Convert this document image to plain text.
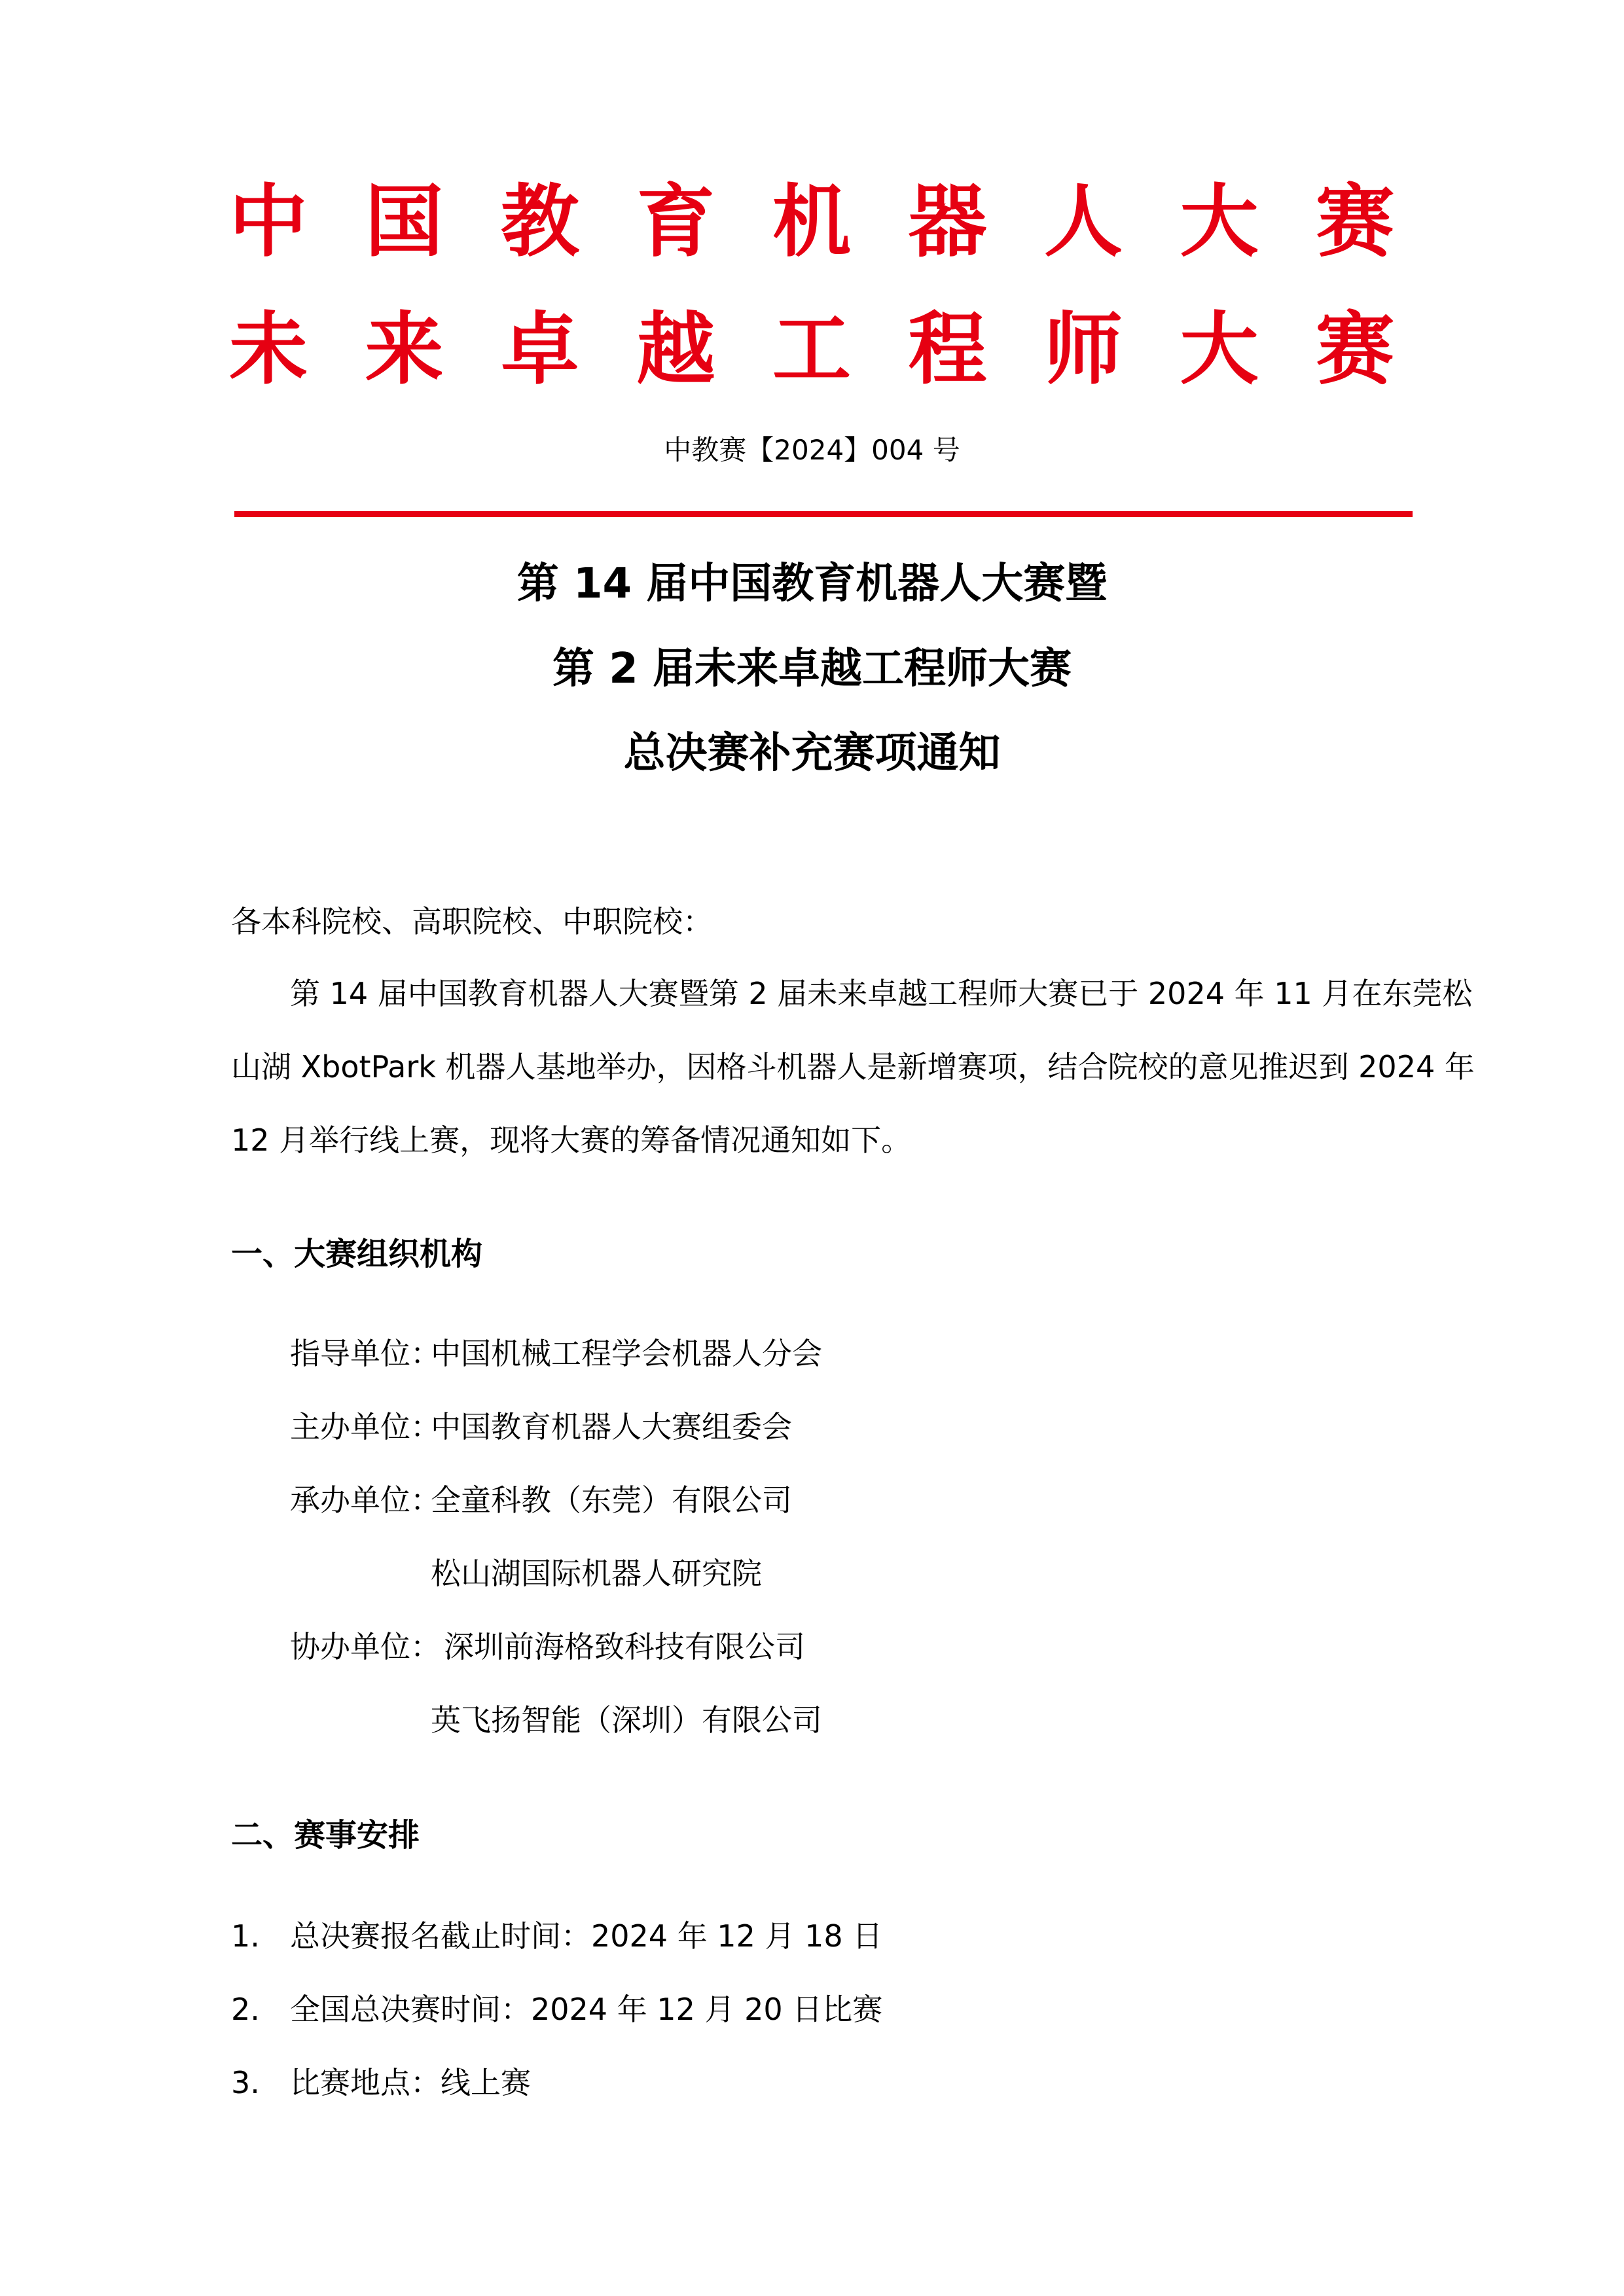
中 国 教 育 机 器 人 大 赛
未 来 卓 越 工 程 师 大 赛
中教赛【2024】004 号
第 14 届中国教育机器人大赛暨
第 2 届未来卓越工程师大赛
总决赛补充赛项通知
各本科院校、高职院校、中职院校：
第 14 届中国教育机器人大赛暨第 2 届未来卓越工程师大赛已于 2024 年 11 月在东莞松
山湖 XbotPark 机器人基地举办，因格斗机器人是新增赛项，结合院校的意见推迟到 2024 年
12 月举行线上赛，现将大赛的筹备情况通知如下。
一、大赛组织机构
指导单位：
中国机械工程学会机器人分会
主办单位：
中国教育机器人大赛组委会
承办单位：
全童科教（东莞）有限公司
松山湖国际机器人研究院
协办单位： 深圳前海格致科技有限公司
英飞扬智能（深圳）有限公司
二、赛事安排
1. 总决赛报名截止时间：2024 年 12 月 18 日
2. 全国总决赛时间：2024 年 12 月 20 日比赛
3. 比赛地点：线上赛
